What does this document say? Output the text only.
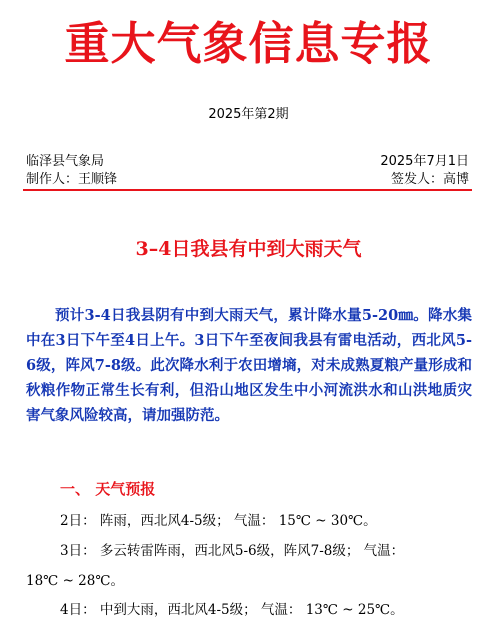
重大气象信息专报
2025年第2期
临泽县气象局	2025年7月1日
制作人：王顺锋	签发人：高博
3–4日我县有中到大雨天气

预计3-4日我县阴有中到大雨天气，累计降水量5-20㎜。降水集中在3日下午至4日上午。3日下午至夜间我县有雷电活动，西北风5-6级，阵风7-8级。此次降水利于农田增墒，对未成熟夏粮产量形成和秋粮作物正常生长有利，但沿山地区发生中小河流洪水和山洪地质灾害气象风险较高，请加强防范。

一、 天气预报
2日： 阵雨，西北风4-5级； 气温： 15℃ ~ 30℃。
3日： 多云转雷阵雨，西北风5-6级，阵风7-8级； 气温：
18℃ ~ 28℃。
4日： 中到大雨，西北风4-5级； 气温： 13℃ ~ 25℃。
